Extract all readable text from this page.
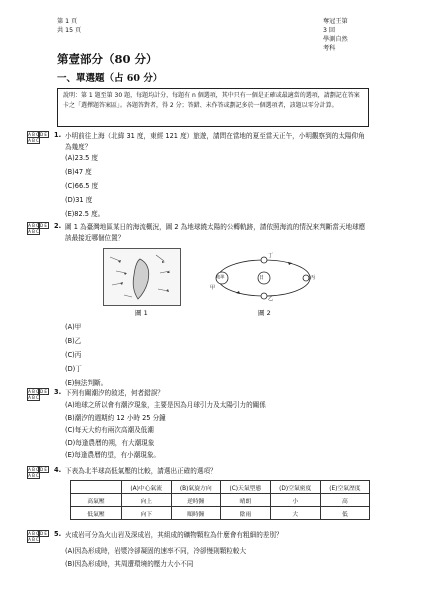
第 1 頁
共 15 頁
奪冠王第 3 回
學測自然考科
第壹部分（80 分）
一、單選題（占 60 分）
說明：第 1 題至第 30 題，每題均計分，每題有 n 個選項，其中只有一個是正確或最適當的選項，請劃記在答案卡之「選擇題答案區」。各題答對者，得 2 分；答錯、未作答或劃記多於一個選項者，該題以零分計算。
A B C D E
A B C
1. 小明前往上海（北緯 31 度，東經 121 度）旅遊，請問在當地的夏至當天正午，小明觀察到的太陽仰角為幾度？
(A)23.5 度
(B)47 度
(C)66.5 度
(D)31 度
(E)82.5 度。
A B C D E
A B C
2. 圖 1 為臺灣地區某日的海流概況，圖 2 為地球繞太陽的公轉軌跡，請依照海流的情況來判斷當天地球應該最接近哪個位置？
圖 1
日
地球
甲
乙
丙
丁
圖 2
(A)甲
(B)乙
(C)丙
(D)丁
(E)無法判斷。
A B C D E
A B C
3. 下列有關潮汐的敘述，何者錯誤？
(A)地球之所以會有潮汐現象，主要是因為月球引力及太陽引力的關係
(B)潮汐的週期約 12 小時 25 分鐘
(C)每天大約有兩次高潮及低潮
(D)每逢農曆的朔，有大潮現象
(E)每逢農曆的望，有小潮現象。
A B C D E
A B C
4. 下表為北半球高低氣壓的比較，請選出正確的選項？
	(A)中心氣流	(B)氣旋方向	(C)天氣型態	(D)空氣密度	(E)空氣溼度
高氣壓	向上	逆時鐘	晴朗	小	高
低氣壓	向下	順時鐘	陰雨	大	低
A B C D E
A B C
5. 火成岩可分為火山岩及深成岩，其組成的礦物顆粒為什麼會有粗細的差別？
(A)因為形成時，岩漿冷卻凝固的速率不同，冷卻慢則顆粒較大
(B)因為形成時，其周遭環境的壓力大小不同
